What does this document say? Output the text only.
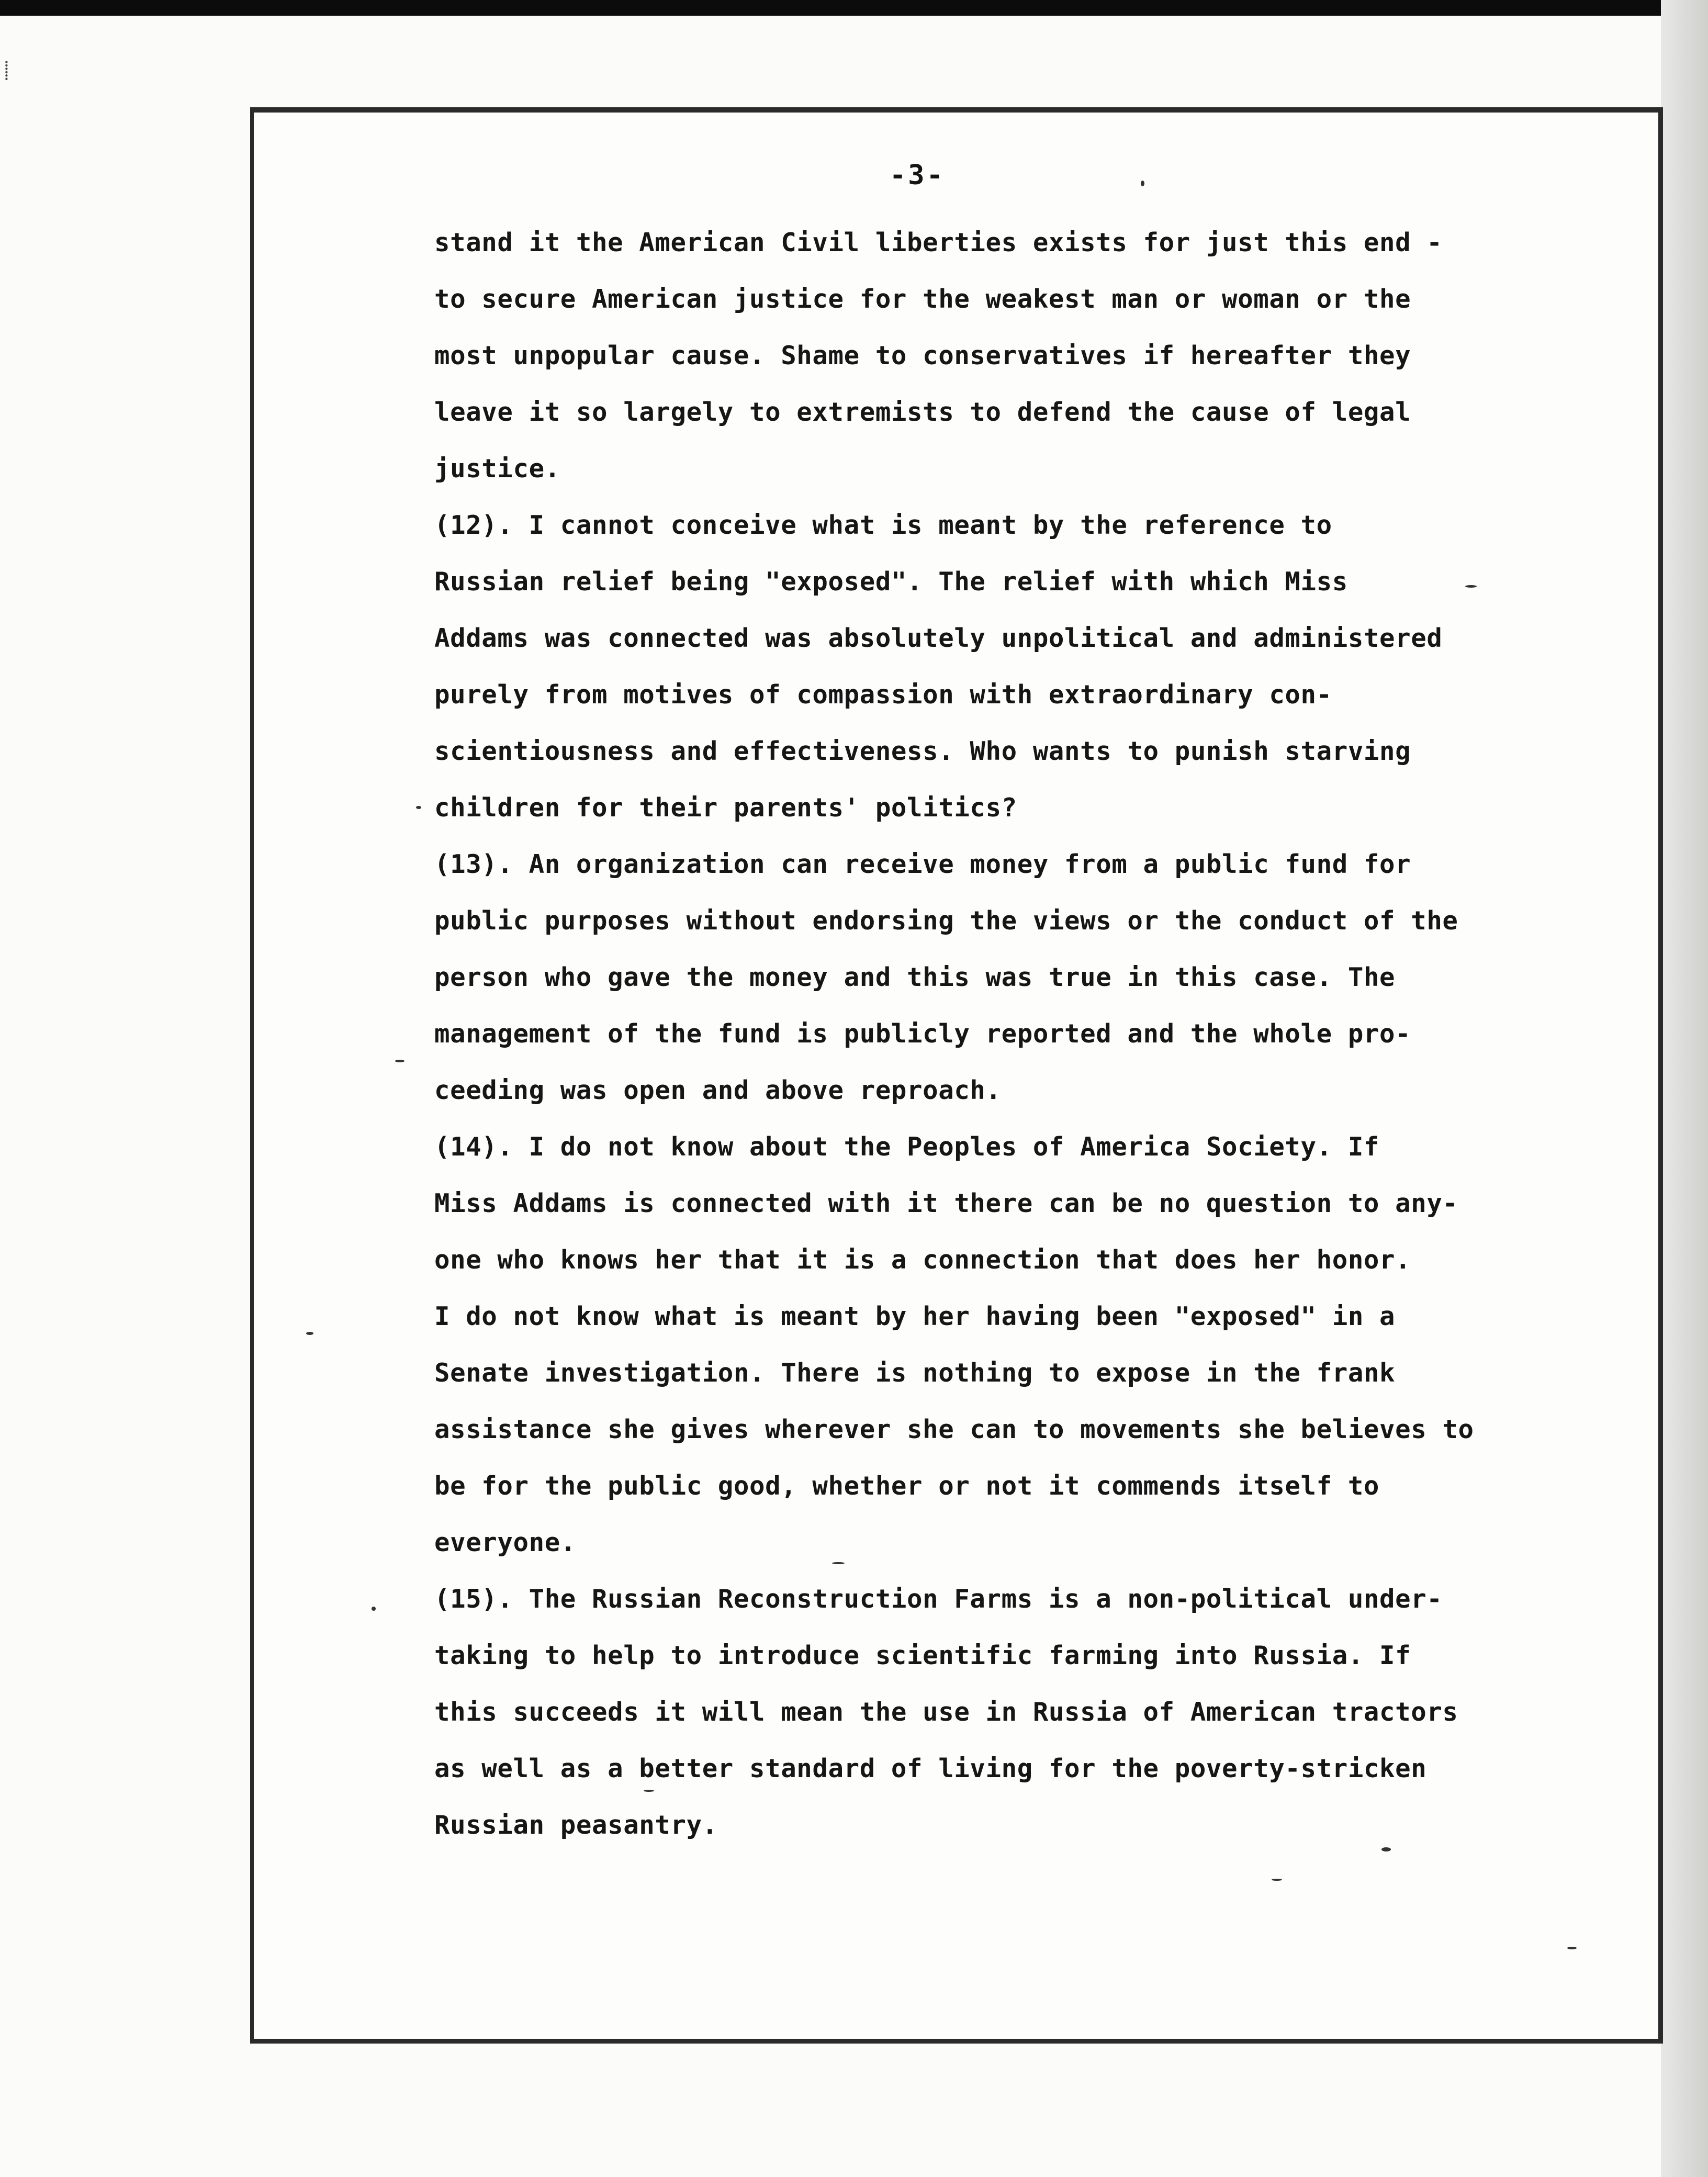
⸽
-3-
stand it the American Civil liberties exists for just this end -
to secure American justice for the weakest man or woman or the
most unpopular cause. Shame to conservatives if hereafter they
leave it so largely to extremists to defend the cause of legal
justice.
(12). I cannot conceive what is meant by the reference to
Russian relief being "exposed". The relief with which Miss
Addams was connected was absolutely unpolitical and administered
purely from motives of compassion with extraordinary con-
scientiousness and effectiveness. Who wants to punish starving
children for their parents' politics?
(13). An organization can receive money from a public fund for
public purposes without endorsing the views or the conduct of the
person who gave the money and this was true in this case. The
management of the fund is publicly reported and the whole pro-
ceeding was open and above reproach.
(14). I do not know about the Peoples of America Society. If
Miss Addams is connected with it there can be no question to any-
one who knows her that it is a connection that does her honor.
I do not know what is meant by her having been "exposed" in a
Senate investigation. There is nothing to expose in the frank
assistance she gives wherever she can to movements she believes to
be for the public good, whether or not it commends itself to
everyone.
(15). The Russian Reconstruction Farms is a non-political under-
taking to help to introduce scientific farming into Russia. If
this succeeds it will mean the use in Russia of American tractors
as well as a better standard of living for the poverty-stricken
Russian peasantry.
